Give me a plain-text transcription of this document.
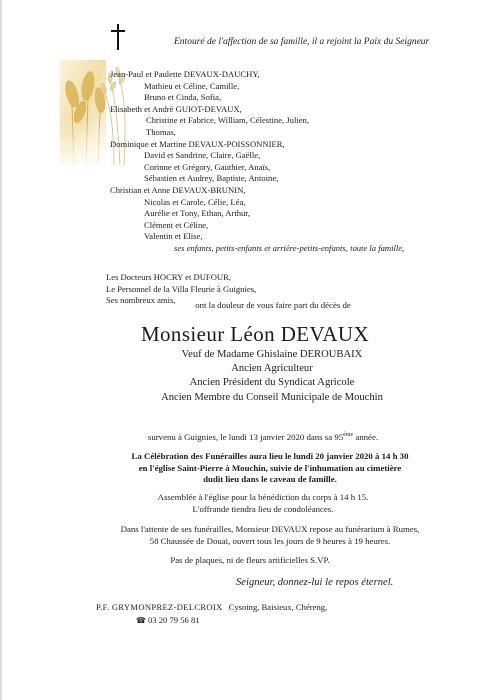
Entouré de l'affection de sa famille, il a rejoint la Paix du Seigneur
Jean-Paul et Paulette DEVAUX-DAUCHY,
Mathieu et Céline, Camille,
Bruno et Cinda, Sofia,
Elisabeth et André GUIOT-DEVAUX,
Christine et Fabrice, William, Célestine, Julien,
Thomas,
Dominique et Martine DEVAUX-POISSONNIER,
David et Sandrine, Claire, Gaëlle,
Corinne et Grégory, Gauthier, Anaïs,
Sébastien et Audrey, Baptiste, Antoine,
Christian et Anne DEVAUX-BRUNIN,
Nicolas et Carole, Célie, Léa,
Aurélie et Tony, Ethan, Arthur,
Clément et Céline,
Valentin et Elise,
ses enfants, petits-enfants et arrière-petits-enfants, toute la famille,
Les Docteurs HOCRY et DUFOUR,
Le Personnel de la Villa Fleurie à Guignies,
Ses nombreux amis,	ont la douleur de vous faire part du décès de
Monsieur Léon DEVAUX
Veuf de Madame Ghislaine DEROUBAIX
Ancien Agriculteur
Ancien Président du Syndicat Agricole
Ancien Membre du Conseil Municipale de Mouchin
survenu à Guignies, le lundi 13 janvier 2020 dans sa 95ème année.
La Célébration des Funérailles aura lieu le lundi 20 janvier 2020 à 14 h 30
en l'église Saint-Pierre à Mouchin, suivie de l'inhumation au cimetière
dudit lieu dans le caveau de famille.
Assemblée à l'église pour la bénédiction du corps à 14 h 15.
L'offrande tiendra lieu de condoléances.
Dans l'attente de ses funérailles, Monsieur DEVAUX repose au funérarium à Rumes,
58 Chaussée de Douai, ouvert tous les jours de 9 heures à 19 heures.
Pas de plaques, ni de fleurs artificielles S.VP.
Seigneur, donnez-lui le repos éternel.
P.F. GRYMONPREZ-DELCROIX Cysoing, Baisieux, Chéreng,
☎ 03 20 79 56 81
